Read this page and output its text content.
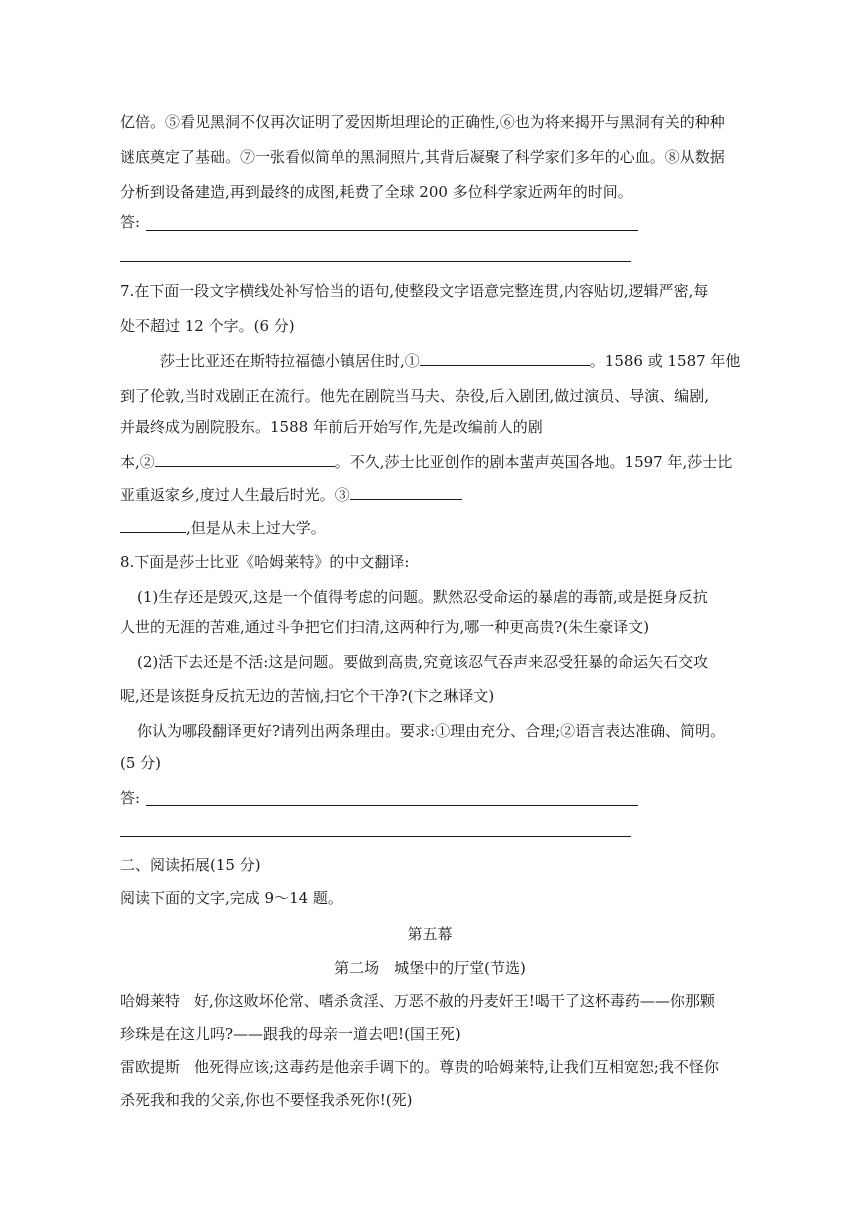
亿倍。⑤看见黑洞不仅再次证明了爱因斯坦理论的正确性,⑥也为将来揭开与黑洞有关的种种
谜底奠定了基础。⑦一张看似简单的黑洞照片,其背后凝聚了科学家们多年的心血。⑧从数据
分析到设备建造,再到最终的成图,耗费了全球 200 多位科学家近两年的时间。
答:
7.在下面一段文字横线处补写恰当的语句,使整段文字语意完整连贯,内容贴切,逻辑严密,每
处不超过 12 个字。(6 分)
莎士比亚还在斯特拉福德小镇居住时,①	。1586 或 1587 年他
到了伦敦,当时戏剧正在流行。他先在剧院当马夫、杂役,后入剧团,做过演员、导演、编剧,
并最终成为剧院股东。1588 年前后开始写作,先是改编前人的剧
本,②	。不久,莎士比亚创作的剧本蜚声英国各地。1597 年,莎士比
亚重返家乡,度过人生最后时光。③
,但是从未上过大学。
8.下面是莎士比亚《哈姆莱特》的中文翻译:
(1)生存还是毁灭,这是一个值得考虑的问题。默然忍受命运的暴虐的毒箭,或是挺身反抗
人世的无涯的苦难,通过斗争把它们扫清,这两种行为,哪一种更高贵?(朱生豪译文)
(2)活下去还是不活:这是问题。要做到高贵,究竟该忍气吞声来忍受狂暴的命运矢石交攻
呢,还是该挺身反抗无边的苦恼,扫它个干净?(卞之琳译文)
你认为哪段翻译更好?请列出两条理由。要求:①理由充分、合理;②语言表达准确、简明。
(5 分)
答:
二、阅读拓展(15 分)
阅读下面的文字,完成 9～14 题。
第五幕
第二场　城堡中的厅堂(节选)
哈姆莱特 好,你这败坏伦常、嗜杀贪淫、万恶不赦的丹麦奸王!喝干了这杯毒药——你那颗
珍珠是在这儿吗?——跟我的母亲一道去吧!(国王死)
雷欧提斯 他死得应该;这毒药是他亲手调下的。尊贵的哈姆莱特,让我们互相宽恕;我不怪你
杀死我和我的父亲,你也不要怪我杀死你!(死)
